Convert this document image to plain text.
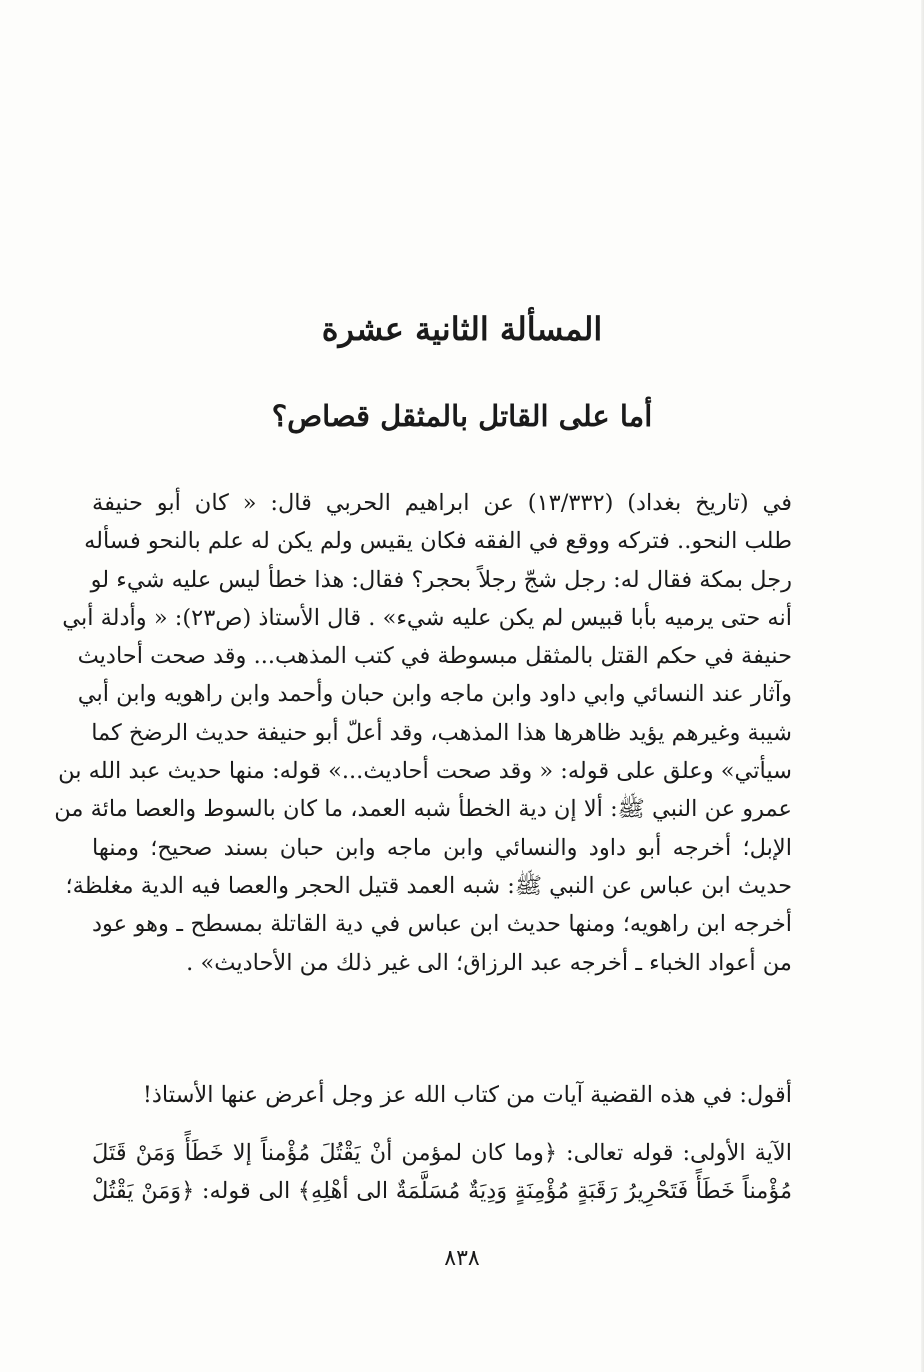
المسألة الثانية عشرة
أما على القاتل بالمثقل قصاص؟
في (تاريخ بغداد) (١٣/٣٣٢) عن ابراهيم الحربي قال: « كان أبو حنيفة
طلب النحو.. فتركه ووقع في الفقه فكان يقيس ولم يكن له علم بالنحو فسأله
رجل بمكة فقال له: رجل شجّ رجلاً بحجر؟ فقال: هذا خطأ ليس عليه شيء لو
أنه حتى يرميه بأبا قبيس لم يكن عليه شيء» . قال الأستاذ (ص٢٣): « وأدلة أبي
حنيفة في حكم القتل بالمثقل مبسوطة في كتب المذهب... وقد صحت أحاديث
وآثار عند النسائي وابي داود وابن ماجه وابن حبان وأحمد وابن راهويه وابن أبي
شيبة وغيرهم يؤيد ظاهرها هذا المذهب، وقد أعلّ أبو حنيفة حديث الرضخ كما
سيأتي» وعلق على قوله: « وقد صحت أحاديث...» قوله: منها حديث عبد الله بن
عمرو عن النبي ﷺ: ألا إن دية الخطأ شبه العمد، ما كان بالسوط والعصا مائة من
الإبل؛ أخرجه أبو داود والنسائي وابن ماجه وابن حبان بسند صحيح؛ ومنها
حديث ابن عباس عن النبي ﷺ: شبه العمد قتيل الحجر والعصا فيه الدية مغلظة؛
أخرجه ابن راهويه؛ ومنها حديث ابن عباس في دية القاتلة بمسطح ـ وهو عود
من أعواد الخباء ـ أخرجه عبد الرزاق؛ الى غير ذلك من الأحاديث» .
أقول: في هذه القضية آيات من كتاب الله عز وجل أعرض عنها الأستاذ!
الآية الأولى: قوله تعالى: ﴿وما كان لمؤمن أنْ يَقْتُلَ مُؤْمناً إلا خَطَأً وَمَنْ قَتَلَ
مُؤْمناً خَطَأً فَتَحْرِيرُ رَقَبَةٍ مُؤْمِنَةٍ وَدِيَةٌ مُسَلَّمَةٌ الى أهْلِهِ﴾ الى قوله: ﴿وَمَنْ يَقْتُلْ
٨٣٨
